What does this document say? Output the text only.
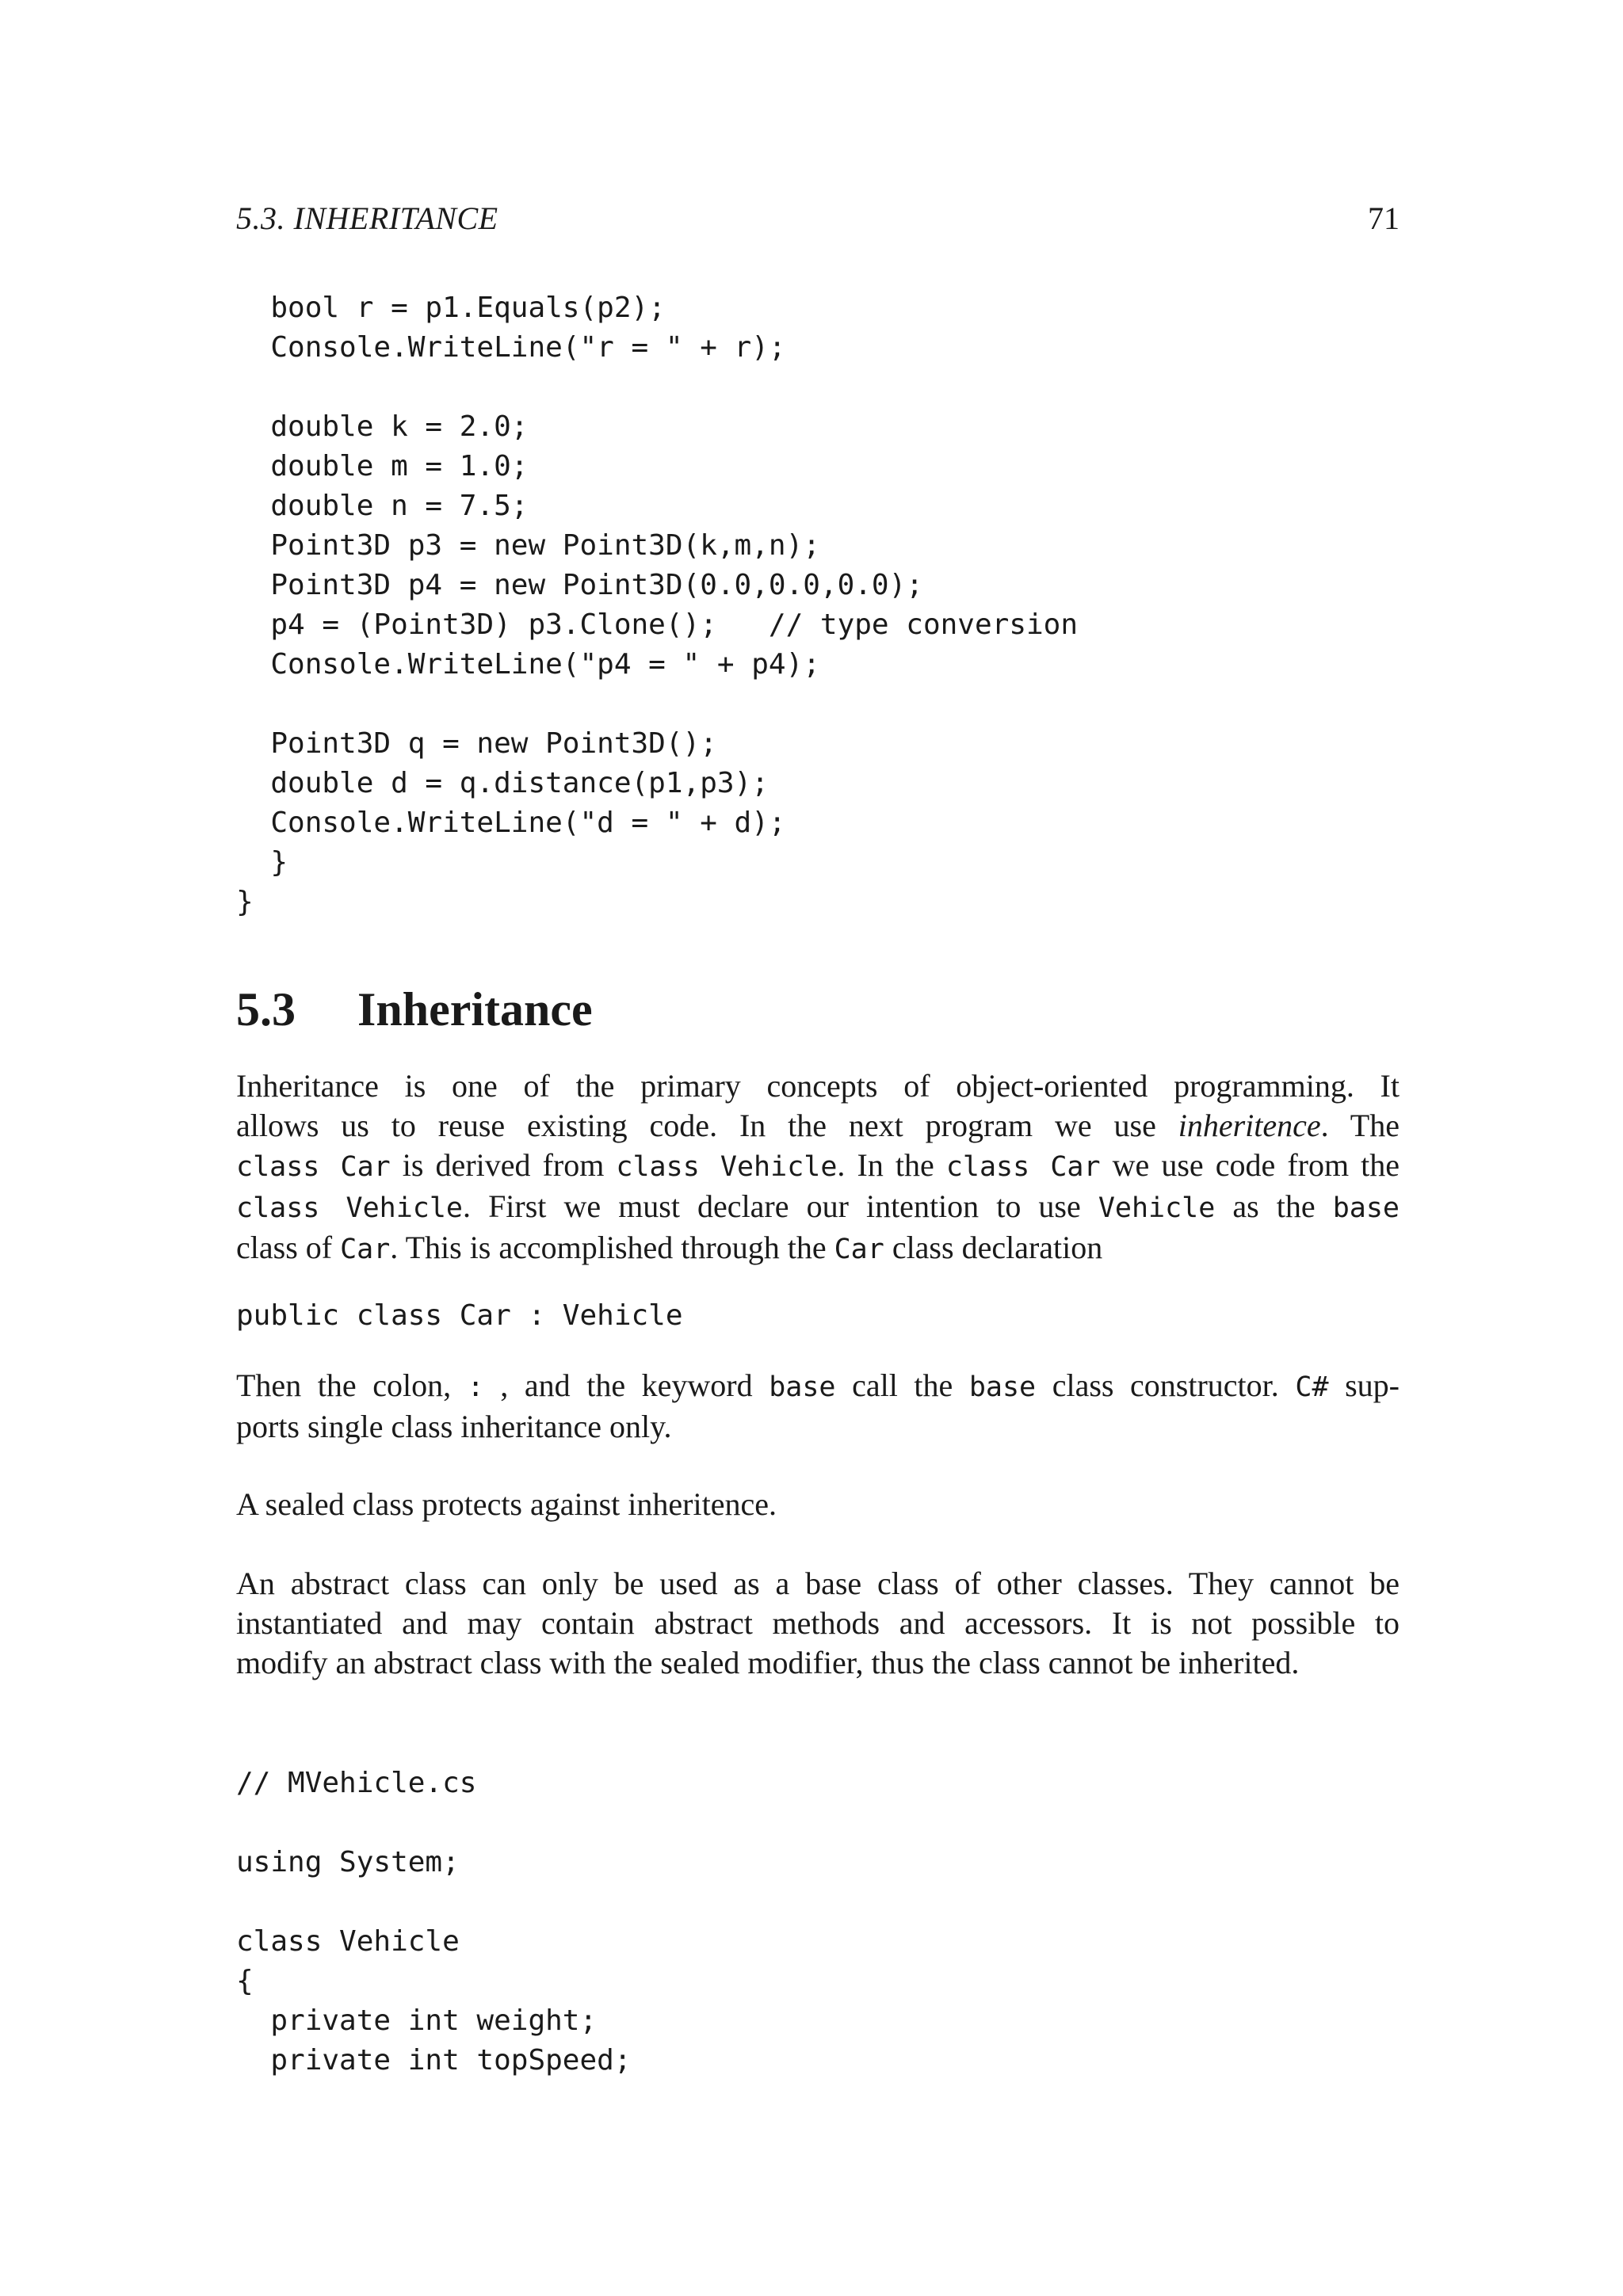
5.3. INHERITANCE	71
bool r = p1.Equals(p2);
Console.WriteLine("r = " + r);

double k = 2.0;
double m = 1.0;
double n = 7.5;
Point3D p3 = new Point3D(k,m,n);
Point3D p4 = new Point3D(0.0,0.0,0.0);
p4 = (Point3D) p3.Clone();   // type conversion
Console.WriteLine("p4 = " + p4);

Point3D q = new Point3D();
double d = q.distance(p1,p3);
Console.WriteLine("d = " + d);
}
}
5.3 Inheritance
Inheritance is one of the primary concepts of object-oriented programming. It
allows us to reuse existing code. In the next program we use inheritence. The
class Car is derived from class Vehicle. In the class Car we use code from the
class Vehicle. First we must declare our intention to use Vehicle as the base
class of Car. This is accomplished through the Car class declaration
public class Car : Vehicle
Then the colon, : , and the keyword base call the base class constructor. C# sup-
ports single class inheritance only.
A sealed class protects against inheritence.
An abstract class can only be used as a base class of other classes. They cannot be
instantiated and may contain abstract methods and accessors. It is not possible to
modify an abstract class with the sealed modifier, thus the class cannot be inherited.
// MVehicle.cs

using System;

class Vehicle
{
private int weight;
private int topSpeed;
